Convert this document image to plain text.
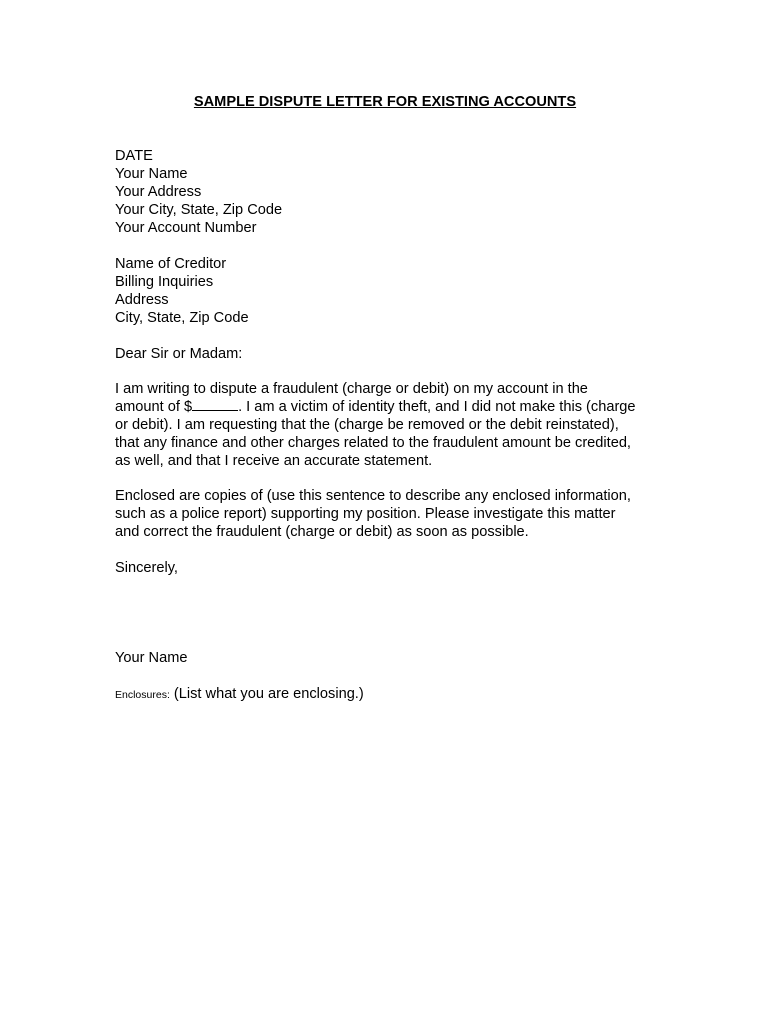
SAMPLE DISPUTE LETTER FOR EXISTING ACCOUNTS
DATE
Your Name
Your Address
Your City, State, Zip Code
Your Account Number
Name of Creditor
Billing Inquiries
Address
City, State, Zip Code
Dear Sir or Madam:
I am writing to dispute a fraudulent (charge or debit) on my account in the
amount of $	. I am a victim of identity theft, and I did not make this (charge
or debit). I am requesting that the (charge be removed or the debit reinstated),
that any finance and other charges related to the fraudulent amount be credited,
as well, and that I receive an accurate statement.
Enclosed are copies of (use this sentence to describe any enclosed information,
such as a police report) supporting my position. Please investigate this matter
and correct the fraudulent (charge or debit) as soon as possible.
Sincerely,
Your Name
Enclosures: (List what you are enclosing.)
